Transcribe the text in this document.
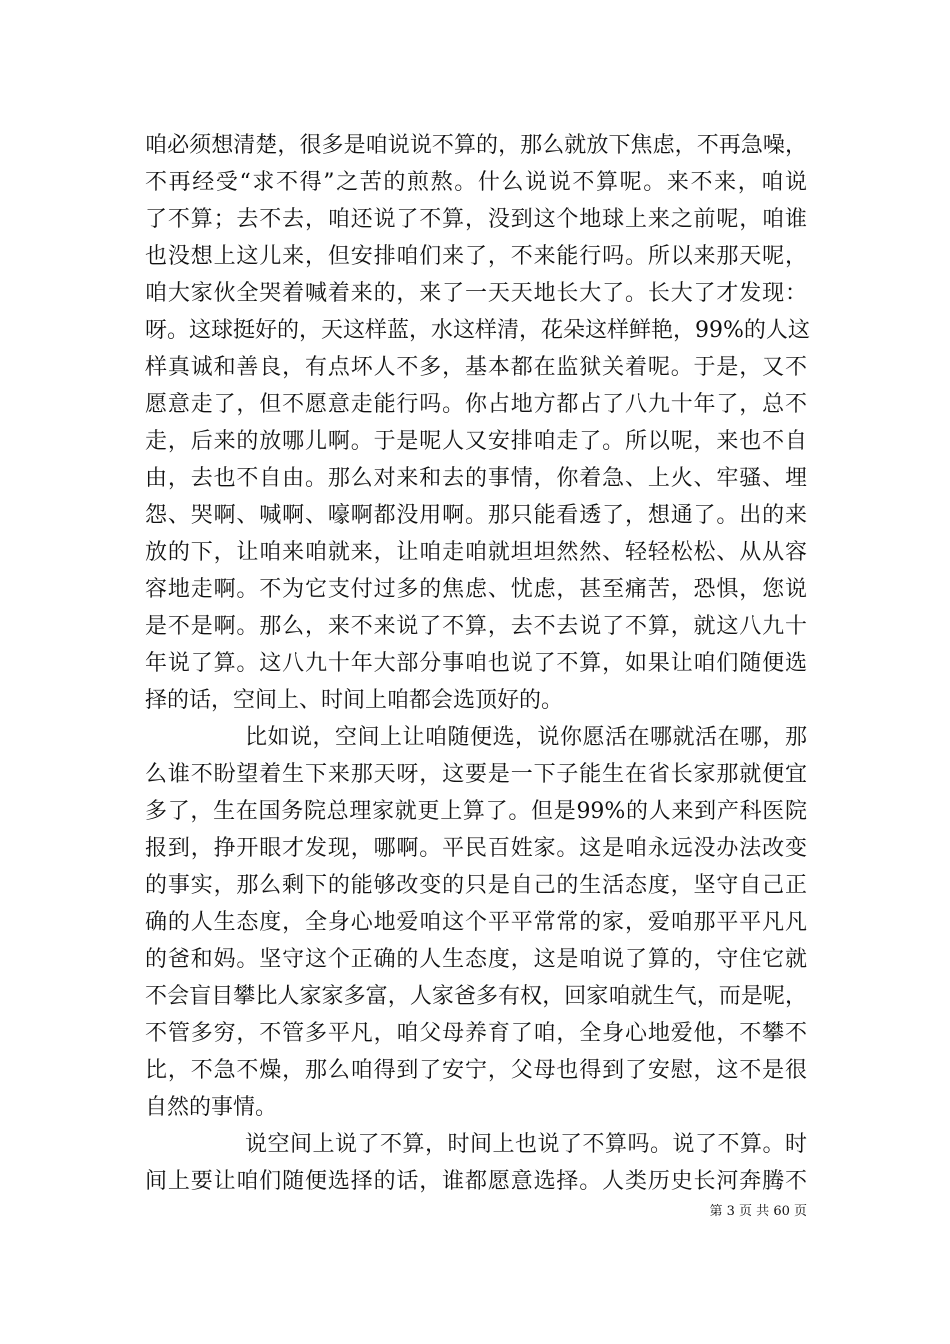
咱必须想清楚，很多是咱说说不算的，那么就放下焦虑，不再急噪，
不再经受“求不得”之苦的煎熬。什么说说不算呢。来不来，咱说
了不算；去不去，咱还说了不算，没到这个地球上来之前呢，咱谁
也没想上这儿来，但安排咱们来了，不来能行吗。所以来那天呢，
咱大家伙全哭着喊着来的，来了一天天地长大了。长大了才发现：
呀。这球挺好的，天这样蓝，水这样清，花朵这样鲜艳，99%的人这
样真诚和善良，有点坏人不多，基本都在监狱关着呢。于是，又不
愿意走了，但不愿意走能行吗。你占地方都占了八九十年了，总不
走，后来的放哪儿啊。于是呢人又安排咱走了。所以呢，来也不自
由，去也不自由。那么对来和去的事情，你着急、上火、牢骚、埋
怨、哭啊、喊啊、嚎啊都没用啊。那只能看透了，想通了。出的来
放的下，让咱来咱就来，让咱走咱就坦坦然然、轻轻松松、从从容
容地走啊。不为它支付过多的焦虑、忧虑，甚至痛苦，恐惧，您说
是不是啊。那么，来不来说了不算，去不去说了不算，就这八九十
年说了算。这八九十年大部分事咱也说了不算，如果让咱们随便选
择的话，空间上、时间上咱都会选顶好的。
比如说，空间上让咱随便选，说你愿活在哪就活在哪，那
么谁不盼望着生下来那天呀，这要是一下子能生在省长家那就便宜
多了，生在国务院总理家就更上算了。但是99%的人来到产科医院
报到，挣开眼才发现，哪啊。平民百姓家。这是咱永远没办法改变
的事实，那么剩下的能够改变的只是自己的生活态度，坚守自己正
确的人生态度，全身心地爱咱这个平平常常的家，爱咱那平平凡凡
的爸和妈。坚守这个正确的人生态度，这是咱说了算的，守住它就
不会盲目攀比人家家多富，人家爸多有权，回家咱就生气，而是呢，
不管多穷，不管多平凡，咱父母养育了咱，全身心地爱他，不攀不
比，不急不燥，那么咱得到了安宁，父母也得到了安慰，这不是很
自然的事情。
说空间上说了不算，时间上也说了不算吗。说了不算。时
间上要让咱们随便选择的话，谁都愿意选择。人类历史长河奔腾不
第 3 页 共 60 页
